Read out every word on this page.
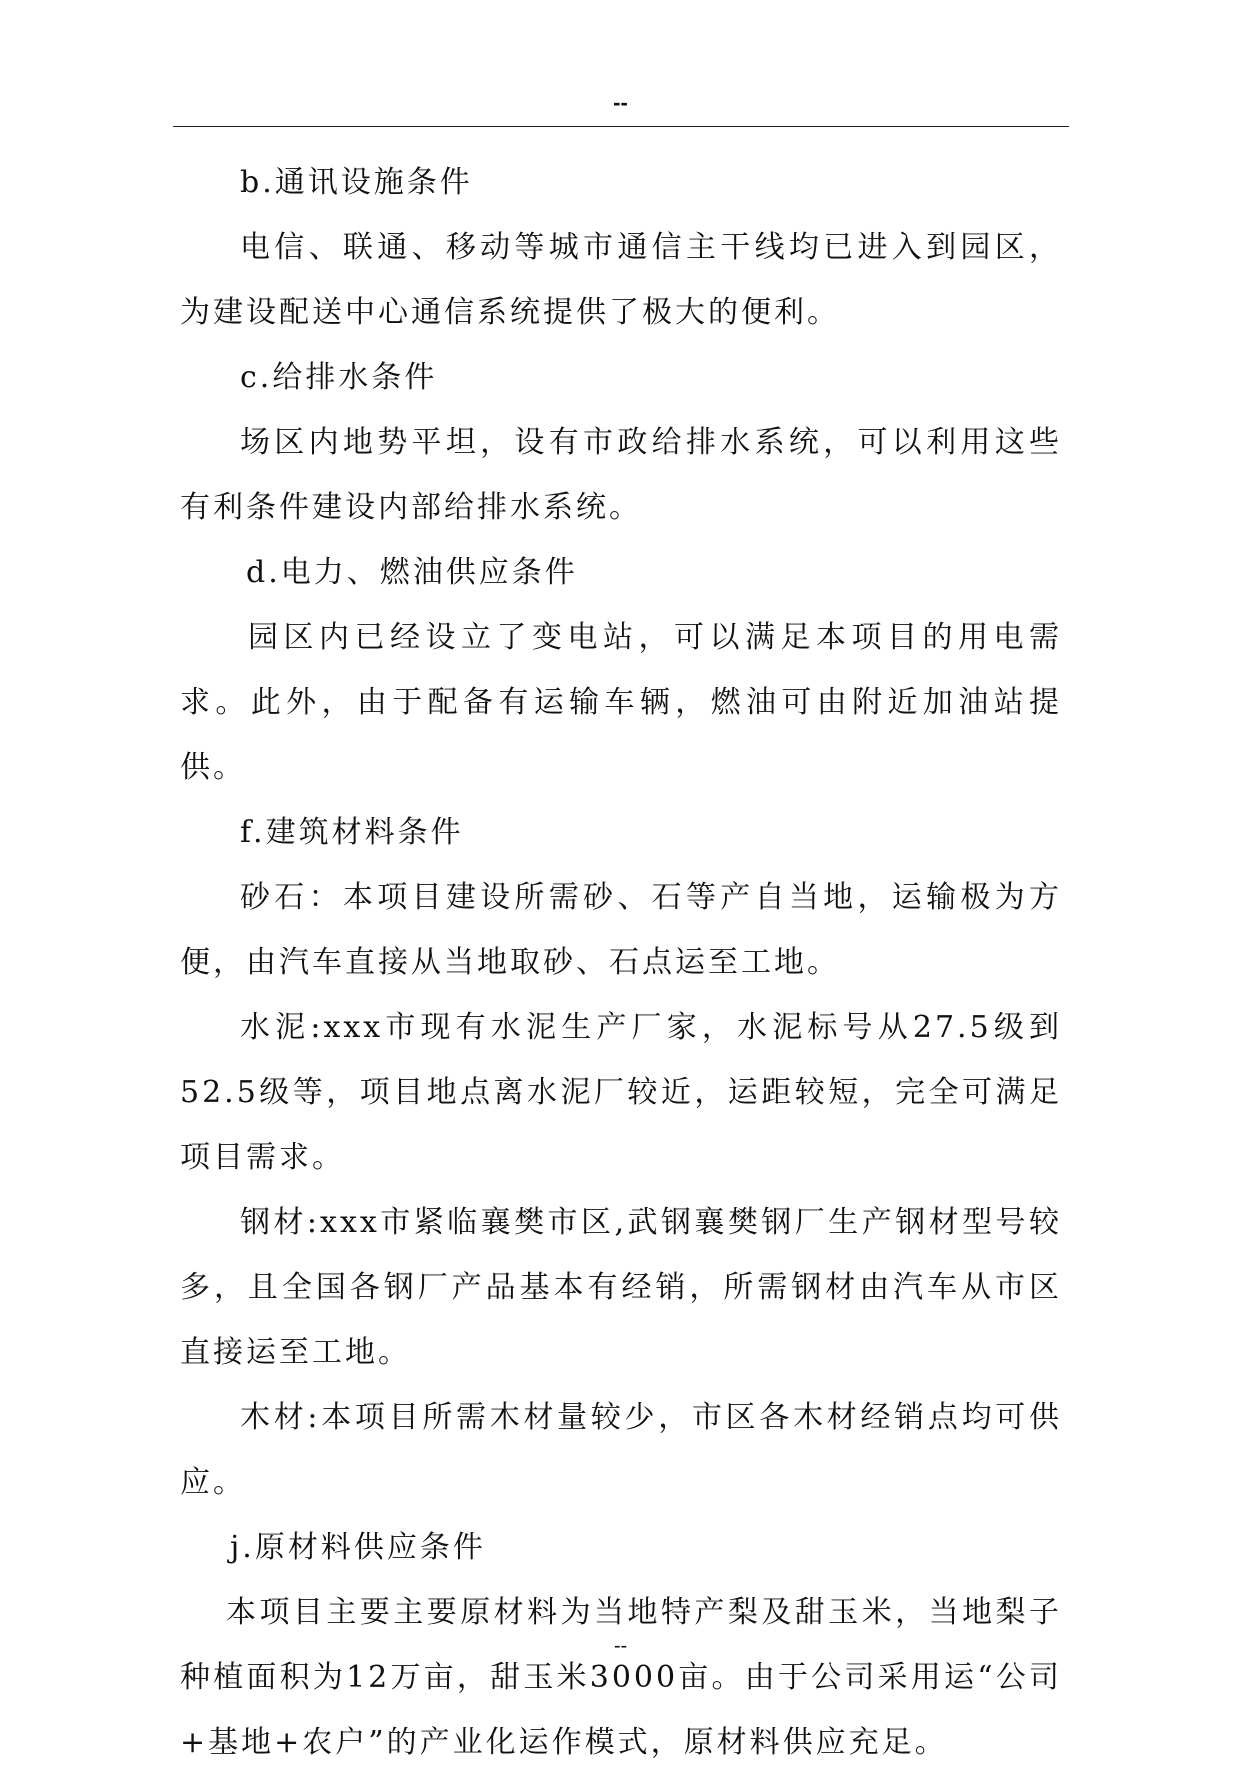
--

b.通讯设施条件

电信、联通、移动等城市通信主干线均已进入到园区，为建设配送中心通信系统提供了极大的便利。

c.给排水条件

场区内地势平坦，设有市政给排水系统，可以利用这些有利条件建设内部给排水系统。

d.电力、燃油供应条件

园区内已经设立了变电站，可以满足本项目的用电需求。此外，由于配备有运输车辆，燃油可由附近加油站提供。

f.建筑材料条件

砂石：本项目建设所需砂、石等产自当地，运输极为方便，由汽车直接从当地取砂、石点运至工地。

水泥:xxx市现有水泥生产厂家，水泥标号从27.5级到52.5级等，项目地点离水泥厂较近，运距较短，完全可满足项目需求。

钢材:xxx市紧临襄樊市区,武钢襄樊钢厂生产钢材型号较多，且全国各钢厂产品基本有经销，所需钢材由汽车从市区直接运至工地。

木材:本项目所需木材量较少，市区各木材经销点均可供应。

j.原材料供应条件

本项目主要主要原材料为当地特产梨及甜玉米，当地梨子种植面积为12万亩，甜玉米3000亩。由于公司采用运“公司+基地+农户”的产业化运作模式，原材料供应充足。

--
